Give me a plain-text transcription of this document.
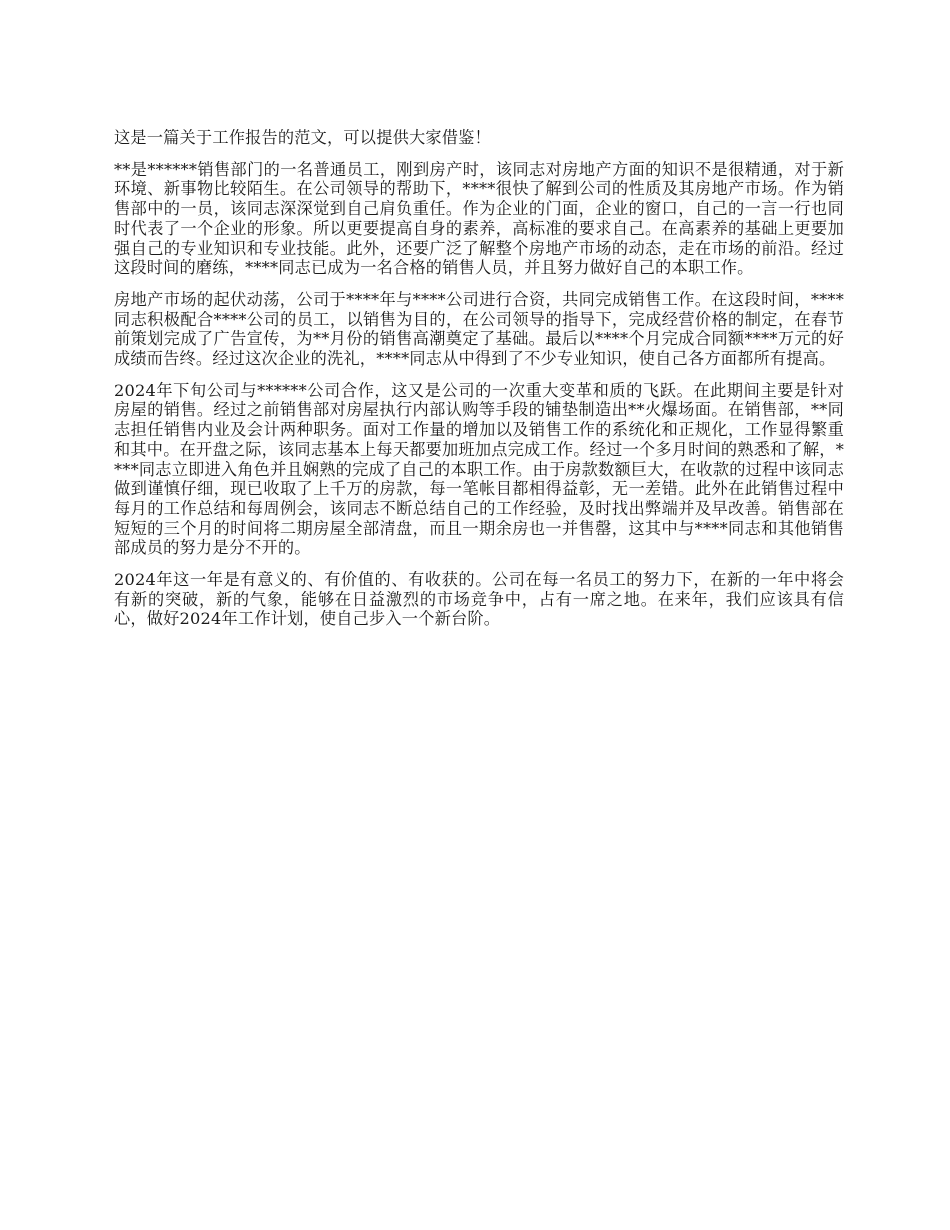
这是一篇关于工作报告的范文，可以提供大家借鉴！

**是******销售部门的一名普通员工，刚到房产时，该同志对房地产方面的知识不是很精通，对于新环境、新事物比较陌生。在公司领导的帮助下，****很快了解到公司的性质及其房地产市场。作为销售部中的一员，该同志深深觉到自己肩负重任。作为企业的门面，企业的窗口，自己的一言一行也同时代表了一个企业的形象。所以更要提高自身的素养，高标准的要求自己。在高素养的基础上更要加强自己的专业知识和专业技能。此外，还要广泛了解整个房地产市场的动态，走在市场的前沿。经过这段时间的磨练，****同志已成为一名合格的销售人员，并且努力做好自己的本职工作。

房地产市场的起伏动荡，公司于****年与****公司进行合资，共同完成销售工作。在这段时间，****同志积极配合****公司的员工，以销售为目的，在公司领导的指导下，完成经营价格的制定，在春节前策划完成了广告宣传，为**月份的销售高潮奠定了基础。最后以****个月完成合同额****万元的好成绩而告终。经过这次企业的洗礼，****同志从中得到了不少专业知识，使自己各方面都所有提高。

2024年下旬公司与******公司合作，这又是公司的一次重大变革和质的飞跃。在此期间主要是针对房屋的销售。经过之前销售部对房屋执行内部认购等手段的铺垫制造出**火爆场面。在销售部，**同志担任销售内业及会计两种职务。面对工作量的增加以及销售工作的系统化和正规化，工作显得繁重和其中。在开盘之际，该同志基本上每天都要加班加点完成工作。经过一个多月时间的熟悉和了解，****同志立即进入角色并且娴熟的完成了自己的本职工作。由于房款数额巨大，在收款的过程中该同志做到谨慎仔细，现已收取了上千万的房款，每一笔帐目都相得益彰，无一差错。此外在此销售过程中每月的工作总结和每周例会，该同志不断总结自己的工作经验，及时找出弊端并及早改善。销售部在短短的三个月的时间将二期房屋全部清盘，而且一期余房也一并售罄，这其中与****同志和其他销售部成员的努力是分不开的。

2024年这一年是有意义的、有价值的、有收获的。公司在每一名员工的努力下，在新的一年中将会有新的突破，新的气象，能够在日益激烈的市场竞争中，占有一席之地。在来年，我们应该具有信心，做好2024年工作计划，使自己步入一个新台阶。
